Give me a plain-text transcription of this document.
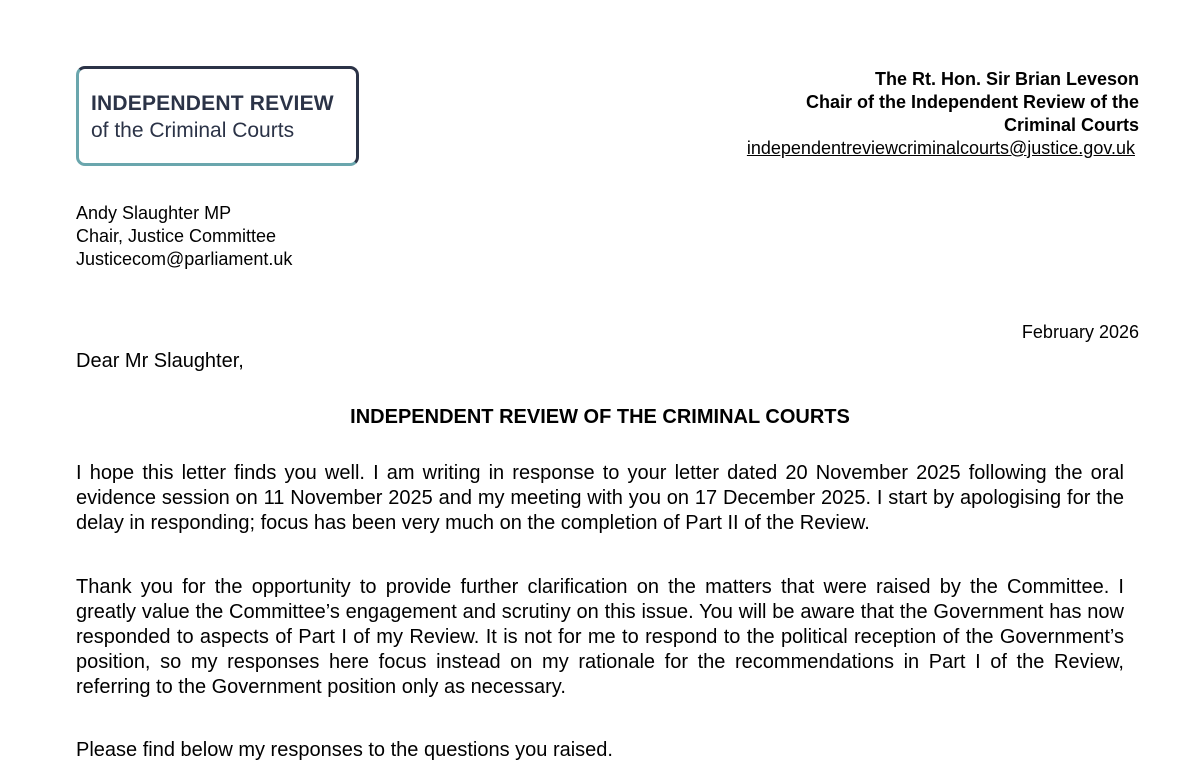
INDEPENDENT REVIEW
of the Criminal Courts
The Rt. Hon. Sir Brian Leveson
Chair of the Independent Review of the
Criminal Courts
independentreviewcriminalcourts@justice.gov.uk
Andy Slaughter MP
Chair, Justice Committee
Justicecom@parliament.uk
February 2026
Dear Mr Slaughter,
INDEPENDENT REVIEW OF THE CRIMINAL COURTS
I hope this letter finds you well. I am writing in response to your letter dated 20 November 2025 following the oral evidence session on 11 November 2025 and my meeting with you on 17 December 2025. I start by apologising for the delay in responding; focus has been very much on the completion of Part II of the Review.
Thank you for the opportunity to provide further clarification on the matters that were raised by the Committee. I greatly value the Committee’s engagement and scrutiny on this issue. You will be aware that the Government has now responded to aspects of Part I of my Review. It is not for me to respond to the political reception of the Government’s position, so my responses here focus instead on my rationale for the recommendations in Part I of the Review, referring to the Government position only as necessary.
Please find below my responses to the questions you raised.
